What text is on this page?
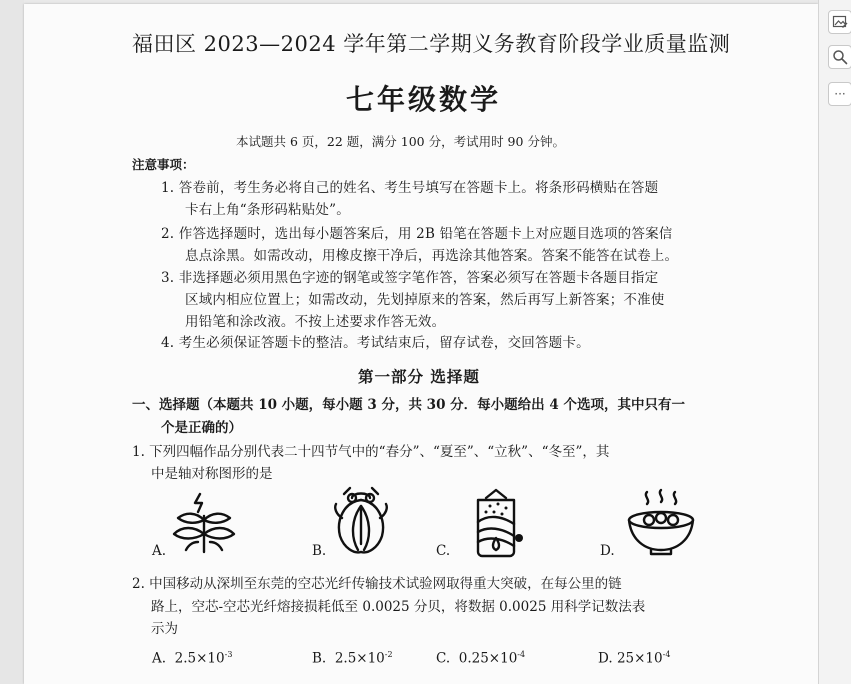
福田区 2023—2024 学年第二学期义务教育阶段学业质量监测
七年级数学
本试题共 6 页，22 题，满分 100 分，考试用时 90 分钟。
注意事项：
1. 答卷前，考生务必将自己的姓名、考生号填写在答题卡上。将条形码横贴在答题
卡右上角“条形码粘贴处”。
2. 作答选择题时，选出每小题答案后，用 2B 铅笔在答题卡上对应题目选项的答案信
息点涂黑。如需改动，用橡皮擦干净后，再选涂其他答案。答案不能答在试卷上。
3. 非选择题必须用黑色字迹的钢笔或签字笔作答，答案必须写在答题卡各题目指定
区域内相应位置上；如需改动，先划掉原来的答案，然后再写上新答案；不准使
用铅笔和涂改液。不按上述要求作答无效。
4. 考生必须保证答题卡的整洁。考试结束后，留存试卷，交回答题卡。
第一部分 选择题
一、选择题（本题共 10 小题，每小题 3 分，共 30 分．每小题给出 4 个选项，其中只有一
个是正确的）
1. 下列四幅作品分别代表二十四节气中的“春分”、“夏至”、“立秋”、“冬至”，其
中是轴对称图形的是
A.	B.	C.	D.
2. 中国移动从深圳至东莞的空芯光纤传输技术试验网取得重大突破，在每公里的链
路上，空芯-空芯光纤熔接损耗低至 0.0025 分贝，将数据 0.0025 用科学记数法表
示为
A. $2.5\times 10^{-3}$	B. $2.5\times 10^{-2}$	C. $0.25\times 10^{-4}$	D. $25\times 10^{-4}$
···
